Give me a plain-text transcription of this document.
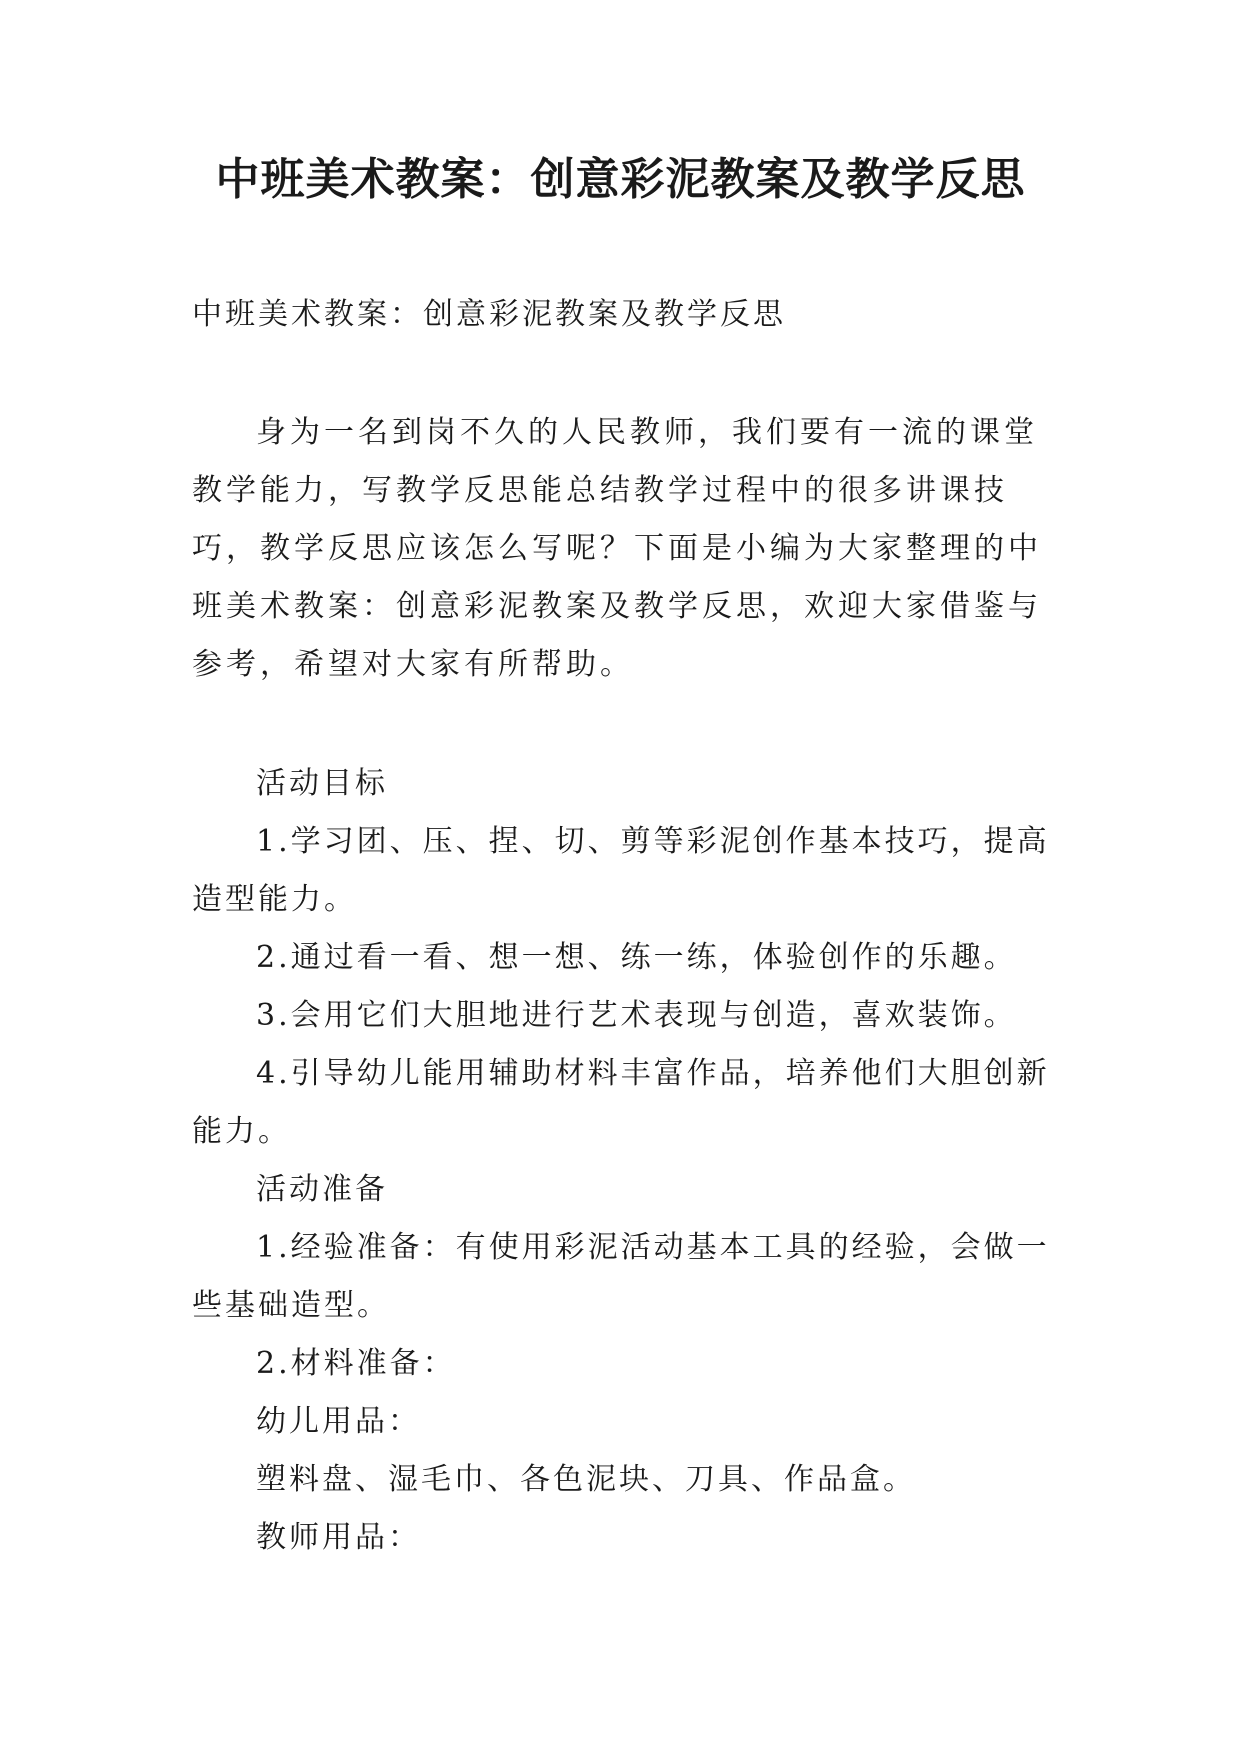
中班美术教案：创意彩泥教案及教学反思
中班美术教案：创意彩泥教案及教学反思
身为一名到岗不久的人民教师，我们要有一流的课堂教学能力，写教学反思能总结教学过程中的很多讲课技巧，教学反思应该怎么写呢？下面是小编为大家整理的中班美术教案：创意彩泥教案及教学反思，欢迎大家借鉴与参考，希望对大家有所帮助。

活动目标

1.学习团、压、捏、切、剪等彩泥创作基本技巧，提高造型能力。

2.通过看一看、想一想、练一练，体验创作的乐趣。

3.会用它们大胆地进行艺术表现与创造，喜欢装饰。

4.引导幼儿能用辅助材料丰富作品，培养他们大胆创新能力。

活动准备

1.经验准备：有使用彩泥活动基本工具的经验，会做一些基础造型。

2.材料准备：

幼儿用品：

塑料盘、湿毛巾、各色泥块、刀具、作品盒。

教师用品：
